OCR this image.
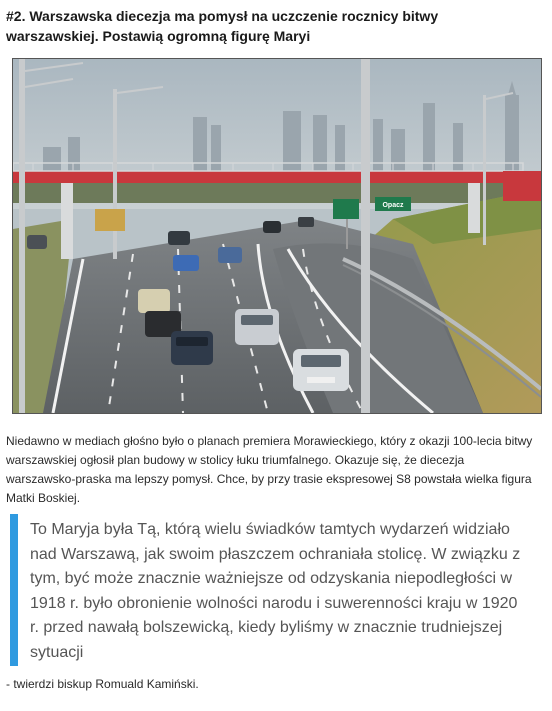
#2. Warszawska diecezja ma pomysł na uczczenie rocznicy bitwy warszawskiej. Postawią ogromną figurę Maryi
Opacz

Niedawno w mediach głośno było o planach premiera Morawieckiego, który z okazji 100-lecia bitwy warszawskiej ogłosił plan budowy w stolicy łuku triumfalnego. Okazuje się, że diecezja warszawsko-praska ma lepszy pomysł. Chce, by przy trasie ekspresowej S8 powstała wielka figura Matki Boskiej.

To Maryja była Tą, którą wielu świadków tamtych wydarzeń widziało nad Warszawą, jak swoim płaszczem ochraniała stolicę. W związku z tym, być może znacznie ważniejsze od odzyskania niepodległości w 1918 r. było obronienie wolności narodu i suwerenności kraju w 1920 r. przed nawałą bolszewicką, kiedy byliśmy w znacznie trudniejszej sytuacji

- twierdzi biskup Romuald Kamiński.
